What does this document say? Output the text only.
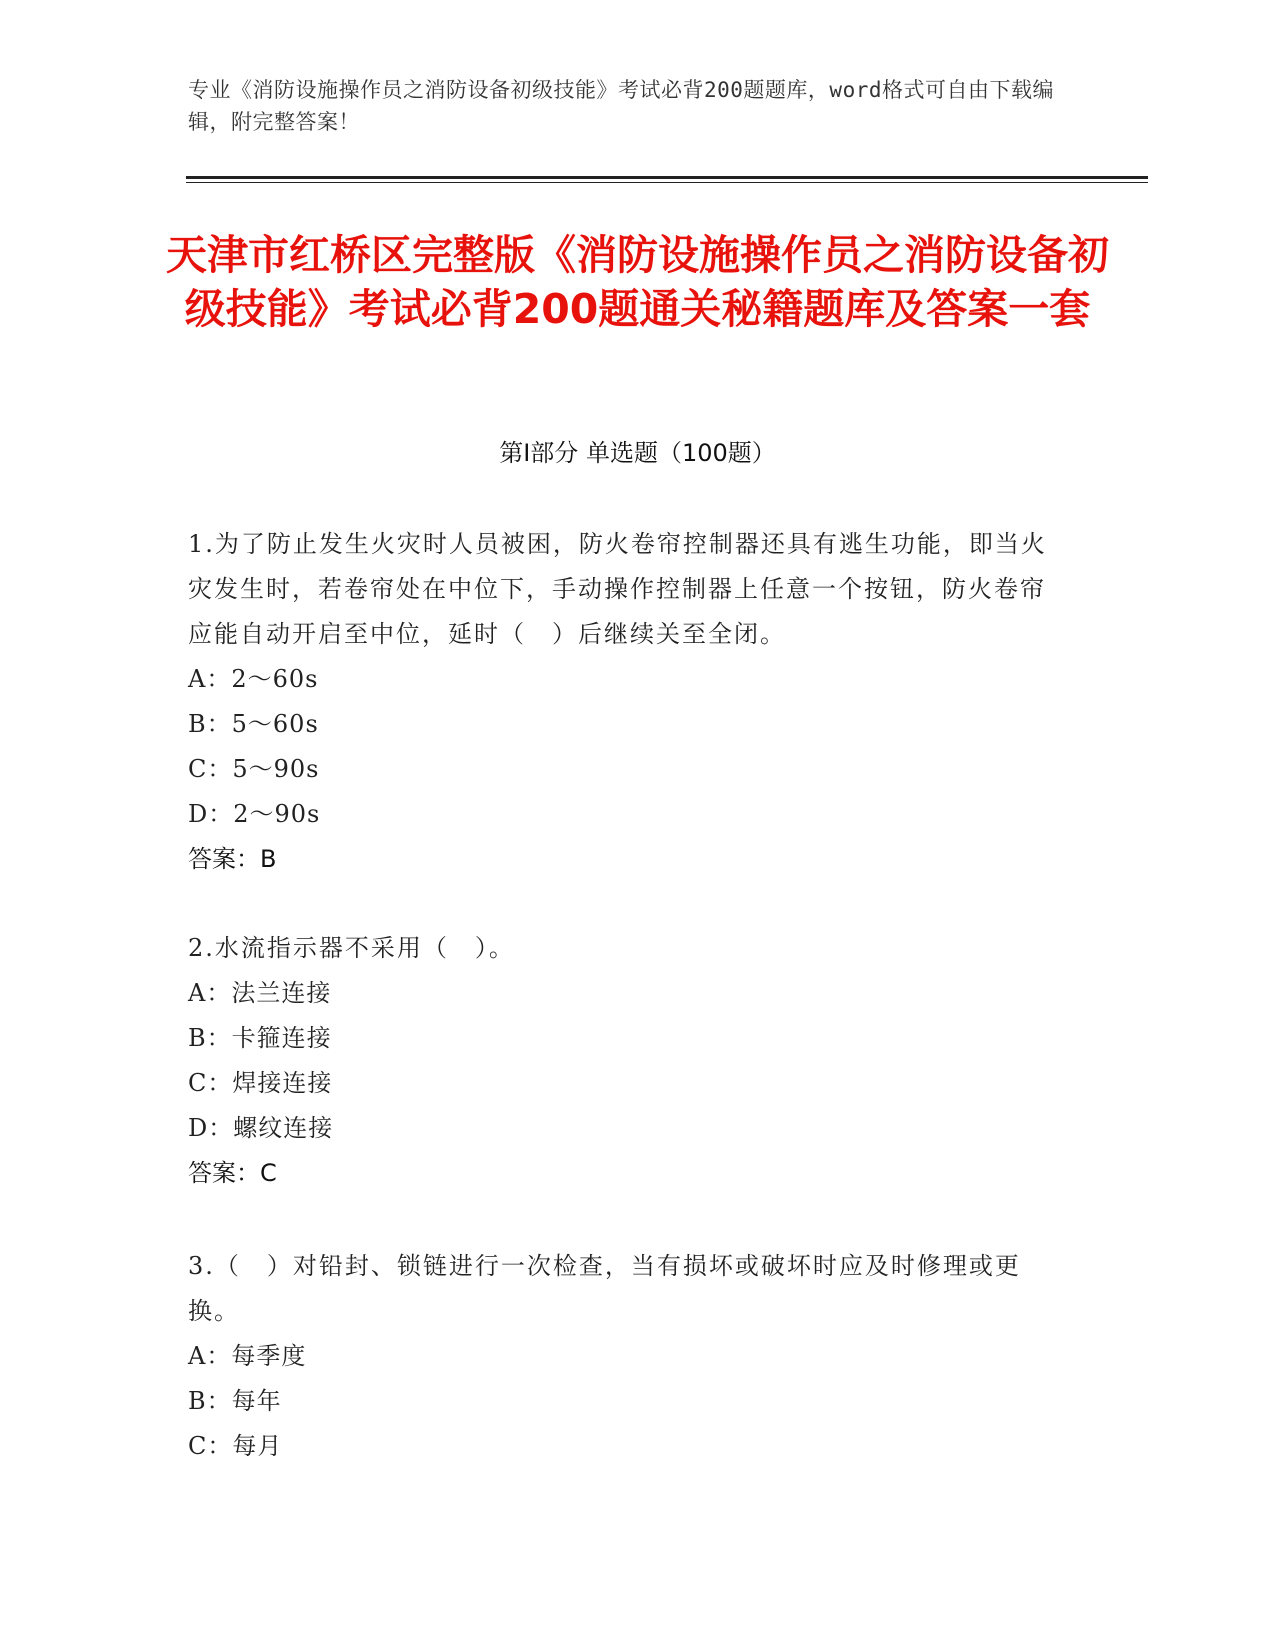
专业《消防设施操作员之消防设备初级技能》考试必背200题题库，word格式可自由下载编辑，附完整答案！
天津市红桥区完整版《消防设施操作员之消防设备初级技能》考试必背200题通关秘籍题库及答案一套
第I部分 单选题（100题）
1.为了防止发生火灾时人员被困，防火卷帘控制器还具有逃生功能，即当火灾发生时，若卷帘处在中位下，手动操作控制器上任意一个按钮，防火卷帘应能自动开启至中位，延时（　）后继续关至全闭。
A：2～60s
B：5～60s
C：5～90s
D：2～90s
答案：B
2.水流指示器不采用（　）。
A：法兰连接
B：卡箍连接
C：焊接连接
D：螺纹连接
答案：C
3.（　）对铅封、锁链进行一次检查，当有损坏或破坏时应及时修理或更换。
A：每季度
B：每年
C：每月
